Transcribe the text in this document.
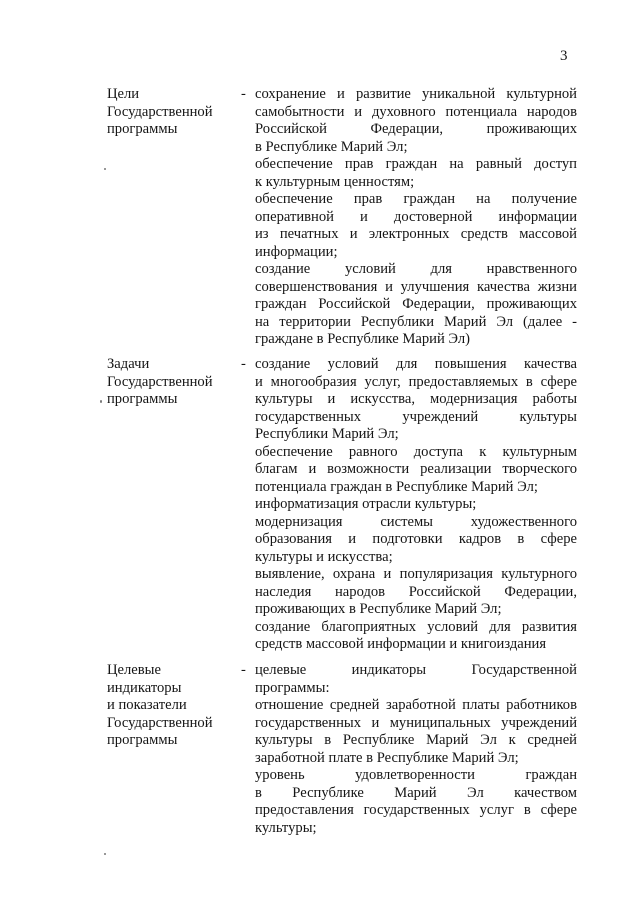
3
Цели
Государственной
программы
- сохранение и развитие уникальной культурной
самобытности и духовного потенциала народов
Российской Федерации, проживающих
в Республике Марий Эл;
обеспечение прав граждан на равный доступ
к культурным ценностям;
обеспечение прав граждан на получение
оперативной и достоверной информации
из печатных и электронных средств массовой
информации;
создание условий для нравственного
совершенствования и улучшения качества жизни
граждан Российской Федерации, проживающих
на территории Республики Марий Эл (далее -
граждане в Республике Марий Эл)
Задачи
Государственной
программы
- создание условий для повышения качества
и многообразия услуг, предоставляемых в сфере
культуры и искусства, модернизация работы
государственных учреждений культуры
Республики Марий Эл;
обеспечение равного доступа к культурным
благам и возможности реализации творческого
потенциала граждан в Республике Марий Эл;
информатизация отрасли культуры;
модернизация системы художественного
образования и подготовки кадров в сфере
культуры и искусства;
выявление, охрана и популяризация культурного
наследия народов Российской Федерации,
проживающих в Республике Марий Эл;
создание благоприятных условий для развития
средств массовой информации и книгоиздания
Целевые
индикаторы
и показатели
Государственной
программы
- целевые индикаторы Государственной
программы:
отношение средней заработной платы работников
государственных и муниципальных учреждений
культуры в Республике Марий Эл к средней
заработной плате в Республике Марий Эл;
уровень удовлетворенности граждан
в Республике Марий Эл качеством
предоставления государственных услуг в сфере
культуры;
